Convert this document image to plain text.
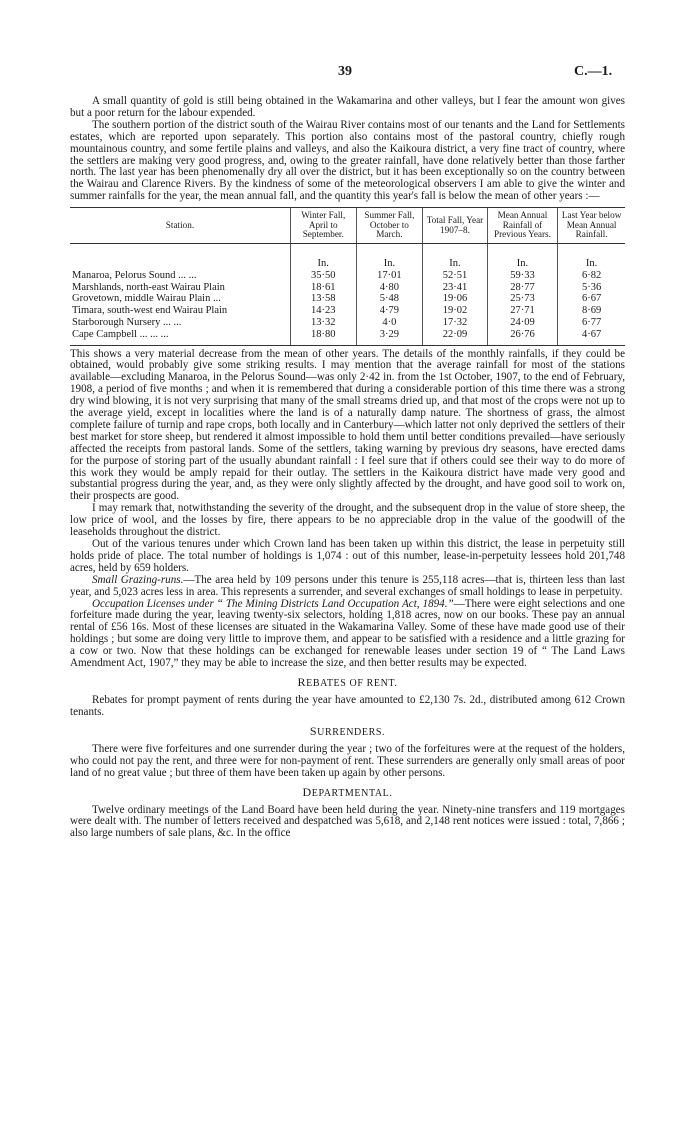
39	C.—1.

A small quantity of gold is still being obtained in the Wakamarina and other valleys, but I fear the amount won gives but a poor return for the labour expended.

The southern portion of the district south of the Wairau River contains most of our tenants and the Land for Settlements estates, which are reported upon separately. This portion also contains most of the pastoral country, chiefly rough mountainous country, and some fertile plains and valleys, and also the Kaikoura district, a very fine tract of country, where the settlers are making very good progress, and, owing to the greater rainfall, have done relatively better than those farther north. The last year has been phenomenally dry all over the district, but it has been exceptionally so on the country between the Wairau and Clarence Rivers. By the kindness of some of the meteorological observers I am able to give the winter and summer rainfalls for the year, the mean annual fall, and the quantity this year's fall is below the mean of other years :—

Station.	Winter Fall, April to September.	Summer Fall, October to March.	Total Fall, Year 1907–8.	Mean Annual Rainfall of Previous Years.	Last Year below Mean Annual Rainfall.
	In.	In.	In.	In.	In.
Manaroa, Pelorus Sound ... ...	35·50	17·01	52·51	59·33	6·82
Marshlands, north-east Wairau Plain	18·61	4·80	23·41	28·77	5·36
Grovetown, middle Wairau Plain ...	13·58	5·48	19·06	25·73	6·67
Timara, south-west end Wairau Plain	14·23	4·79	19·02	27·71	8·69
Starborough Nursery ... ...	13·32	4·0	17·32	24·09	6·77
Cape Campbell ... ... ...	18·80	3·29	22·09	26·76	4·67

This shows a very material decrease from the mean of other years. The details of the monthly rainfalls, if they could be obtained, would probably give some striking results. I may mention that the average rainfall for most of the stations available—excluding Manaroa, in the Pelorus Sound—was only 2·42 in. from the 1st October, 1907, to the end of February, 1908, a period of five months ; and when it is remembered that during a considerable portion of this time there was a strong dry wind blowing, it is not very surprising that many of the small streams dried up, and that most of the crops were not up to the average yield, except in localities where the land is of a naturally damp nature. The shortness of grass, the almost complete failure of turnip and rape crops, both locally and in Canterbury—which latter not only deprived the settlers of their best market for store sheep, but rendered it almost impossible to hold them until better conditions prevailed—have seriously affected the receipts from pastoral lands. Some of the settlers, taking warning by previous dry seasons, have erected dams for the purpose of storing part of the usually abundant rainfall : I feel sure that if others could see their way to do more of this work they would be amply repaid for their outlay. The settlers in the Kaikoura district have made very good and substantial progress during the year, and, as they were only slightly affected by the drought, and have good soil to work on, their prospects are good.

I may remark that, notwithstanding the severity of the drought, and the subsequent drop in the value of store sheep, the low price of wool, and the losses by fire, there appears to be no appreciable drop in the value of the goodwill of the leaseholds throughout the district.

Out of the various tenures under which Crown land has been taken up within this district, the lease in perpetuity still holds pride of place. The total number of holdings is 1,074 : out of this number, lease-in-perpetuity lessees hold 201,748 acres, held by 659 holders.

Small Grazing-runs.—The area held by 109 persons under this tenure is 255,118 acres—that is, thirteen less than last year, and 5,023 acres less in area. This represents a surrender, and several exchanges of small holdings to lease in perpetuity.

Occupation Licenses under “ The Mining Districts Land Occupation Act, 1894.”—There were eight selections and one forfeiture made during the year, leaving twenty-six selectors, holding 1,818 acres, now on our books. These pay an annual rental of £56 16s. Most of these licenses are situated in the Wakamarina Valley. Some of these have made good use of their holdings ; but some are doing very little to improve them, and appear to be satisfied with a residence and a little grazing for a cow or two. Now that these holdings can be exchanged for renewable leases under section 19 of “ The Land Laws Amendment Act, 1907,” they may be able to increase the size, and then better results may be expected.

REBATES OF RENT.

Rebates for prompt payment of rents during the year have amounted to £2,130 7s. 2d., distributed among 612 Crown tenants.

SURRENDERS.

There were five forfeitures and one surrender during the year ; two of the forfeitures were at the request of the holders, who could not pay the rent, and three were for non-payment of rent. These surrenders are generally only small areas of poor land of no great value ; but three of them have been taken up again by other persons.

DEPARTMENTAL.

Twelve ordinary meetings of the Land Board have been held during the year. Ninety-nine transfers and 119 mortgages were dealt with. The number of letters received and despatched was 5,618, and 2,148 rent notices were issued : total, 7,866 ; also large numbers of sale plans, &c. In the office
